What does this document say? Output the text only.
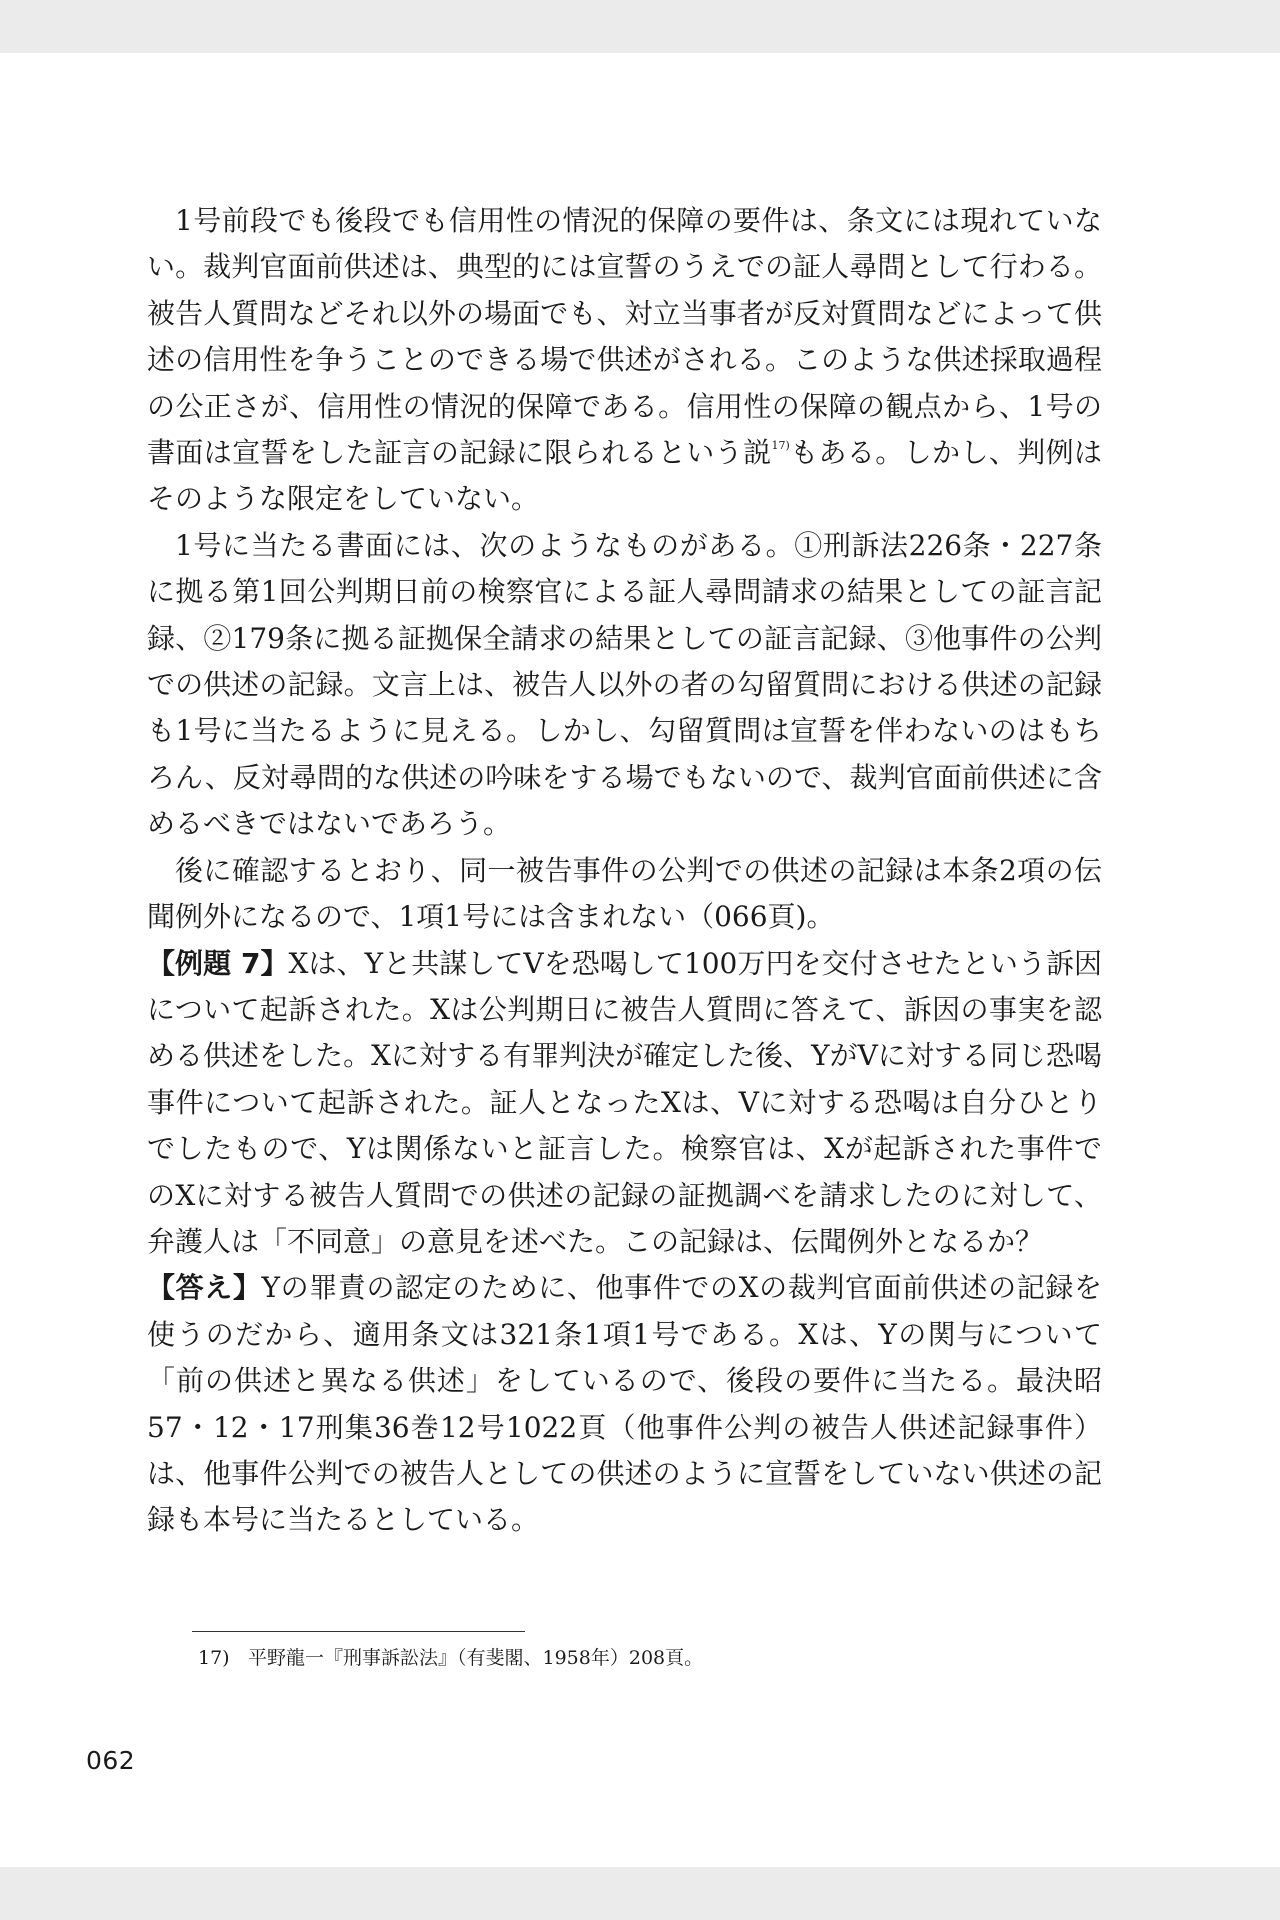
1号前段でも後段でも信用性の情況的保障の要件は、条文には現れていない。裁判官面前供述は、典型的には宣誓のうえでの証人尋問として行わる。被告人質問などそれ以外の場面でも、対立当事者が反対質問などによって供述の信用性を争うことのできる場で供述がされる。このような供述採取過程の公正さが、信用性の情況的保障である。信用性の保障の観点から、1号の書面は宣誓をした証言の記録に限られるという説$^{17)}$もある。しかし、判例はそのような限定をしていない。

1号に当たる書面には、次のようなものがある。①刑訴法226条・227条に拠る第1回公判期日前の検察官による証人尋問請求の結果としての証言記録、②179条に拠る証拠保全請求の結果としての証言記録、③他事件の公判での供述の記録。文言上は、被告人以外の者の勾留質問における供述の記録も1号に当たるように見える。しかし、勾留質問は宣誓を伴わないのはもちろん、反対尋問的な供述の吟味をする場でもないので、裁判官面前供述に含めるべきではないであろう。

後に確認するとおり、同一被告事件の公判での供述の記録は本条2項の伝聞例外になるので、1項1号には含まれない（066頁)。

【例題 7】Xは、Yと共謀してVを恐喝して100万円を交付させたという訴因について起訴された。Xは公判期日に被告人質問に答えて、訴因の事実を認める供述をした。Xに対する有罪判決が確定した後、YがVに対する同じ恐喝事件について起訴された。証人となったXは、Vに対する恐喝は自分ひとりでしたもので、Yは関係ないと証言した。検察官は、Xが起訴された事件でのXに対する被告人質問での供述の記録の証拠調べを請求したのに対して、弁護人は「不同意」の意見を述べた。この記録は、伝聞例外となるか？

【答え】Yの罪責の認定のために、他事件でのXの裁判官面前供述の記録を使うのだから、適用条文は321条1項1号である。Xは、Yの関与について「前の供述と異なる供述」をしているので、後段の要件に当たる。最決昭57・12・17刑集36巻12号1022頁（他事件公判の被告人供述記録事件）は、他事件公判での被告人としての供述のように宣誓をしていない供述の記録も本号に当たるとしている。

17) 平野龍一『刑事訴訟法』（有斐閣、1958年）208頁。
062
